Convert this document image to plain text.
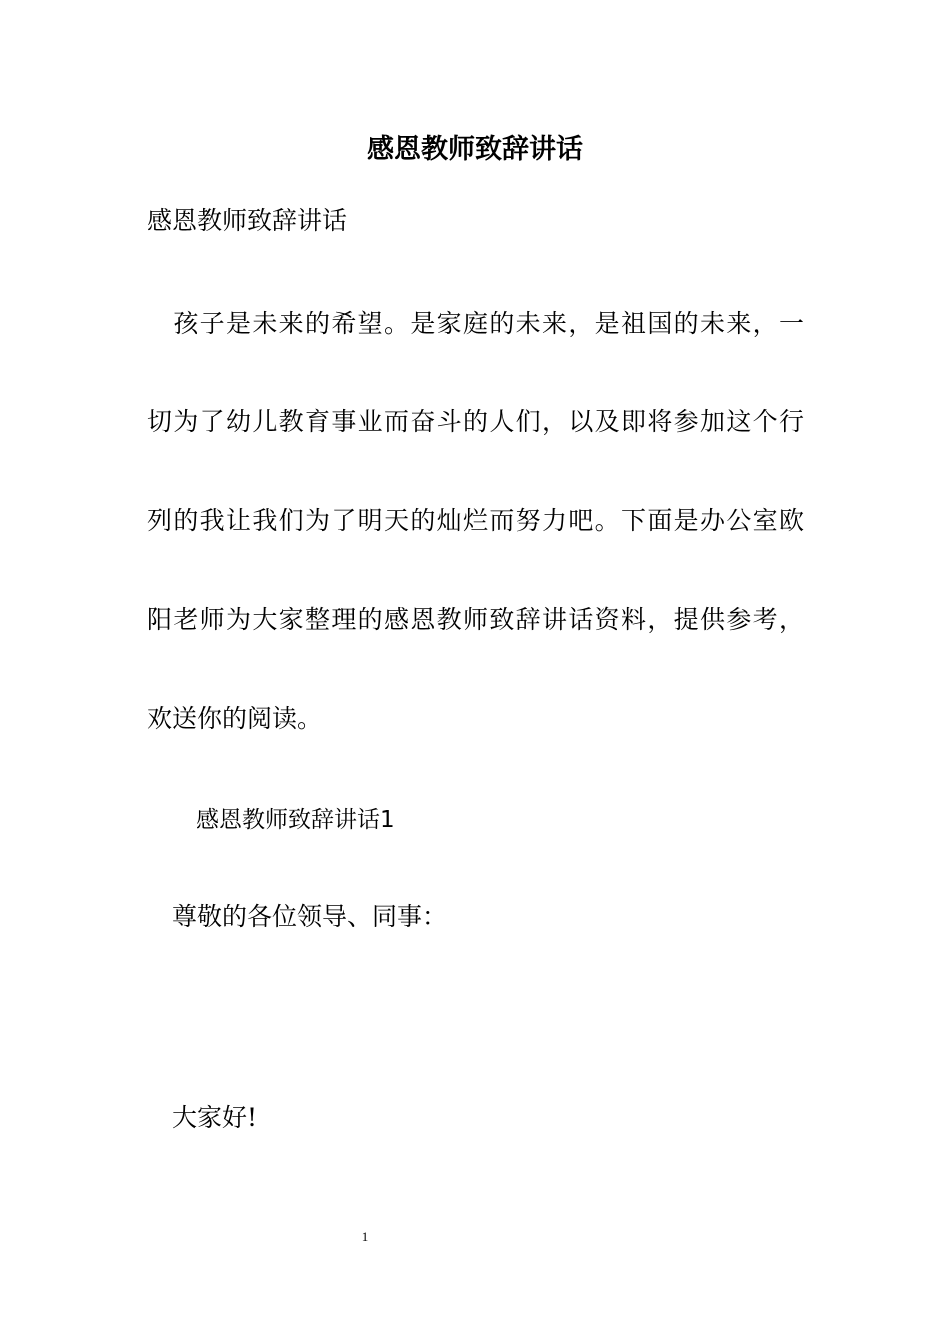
感恩教师致辞讲话

感恩教师致辞讲话

　孩子是未来的希望。是家庭的未来，是祖国的未来，一

切为了幼儿教育事业而奋斗的人们，以及即将参加这个行

列的我让我们为了明天的灿烂而努力吧。下面是办公室欧

阳老师为大家整理的感恩教师致辞讲话资料，提供参考，

欢送你的阅读。

感恩教师致辞讲话1

尊敬的各位领导、同事：

大家好!

1
